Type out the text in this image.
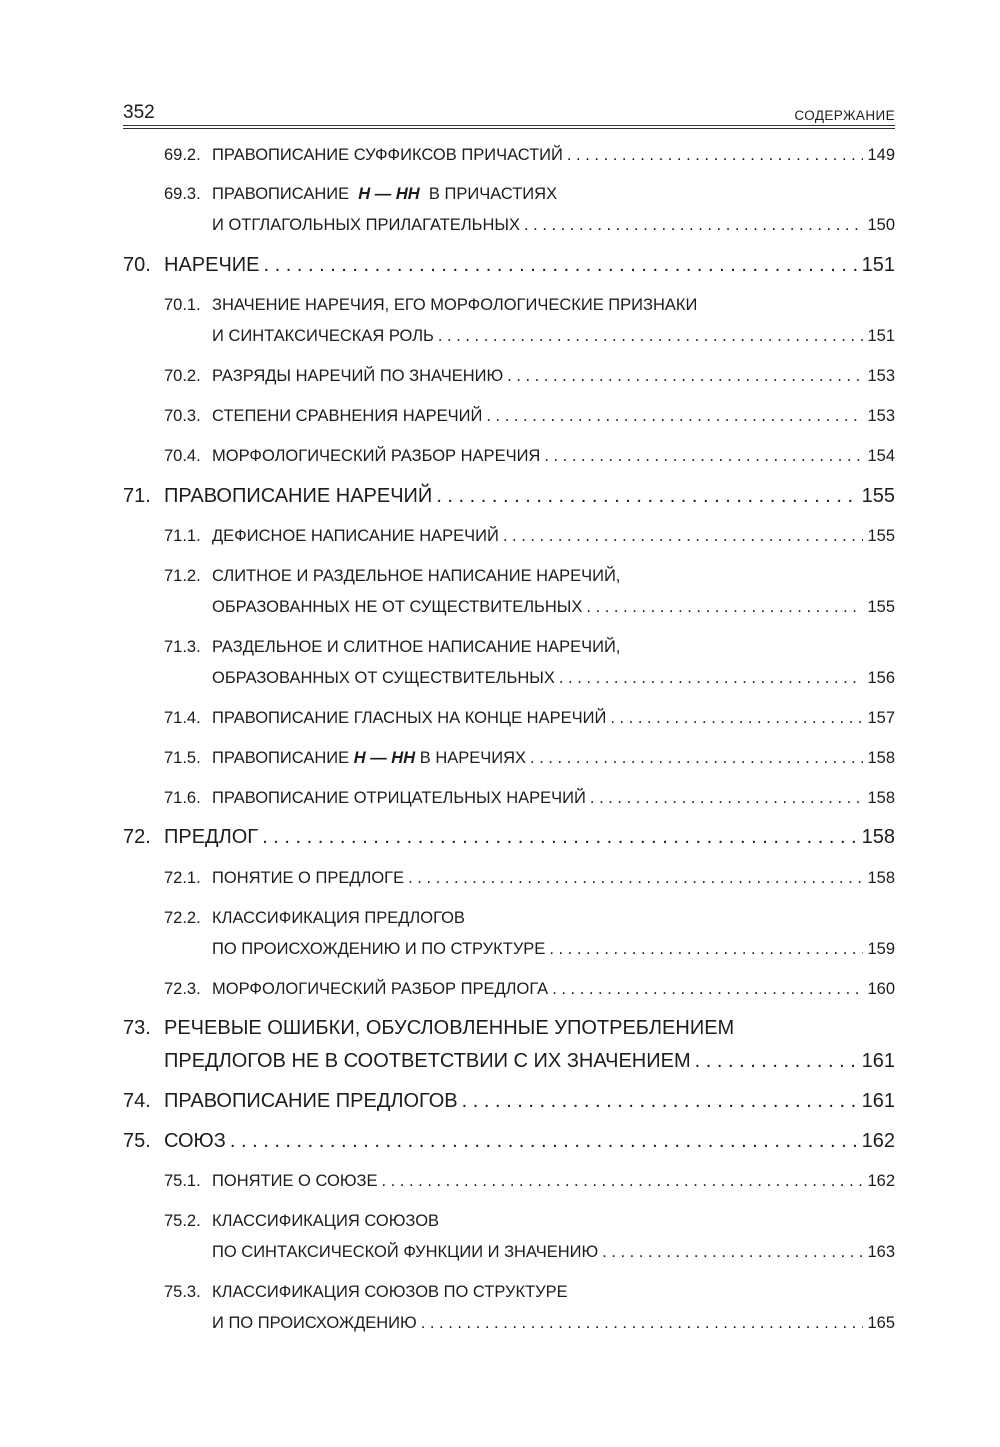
352	СОДЕРЖАНИЕ
69.2. ПРАВОПИСАНИЕ СУФФИКСОВ ПРИЧАСТИЙ . . .	149
69.3. ПРАВОПИСАНИЕ
Н — НН
В ПРИЧАСТИЯХ
И ОТГЛАГОЛЬНЫХ ПРИЛАГАТЕЛЬНЫХ . . .	150
70. НАРЕЧИЕ . . .	151
70.1. ЗНАЧЕНИЕ НАРЕЧИЯ, ЕГО МОРФОЛОГИЧЕСКИЕ ПРИЗНАКИ
И СИНТАКСИЧЕСКАЯ РОЛЬ . . .	151
70.2. РАЗРЯДЫ НАРЕЧИЙ ПО ЗНАЧЕНИЮ . . .	153
70.3. СТЕПЕНИ СРАВНЕНИЯ НАРЕЧИЙ . . .	153
70.4. МОРФОЛОГИЧЕСКИЙ РАЗБОР НАРЕЧИЯ . . .	154
71. ПРАВОПИСАНИЕ НАРЕЧИЙ . . .	155
71.1. ДЕФИСНОЕ НАПИСАНИЕ НАРЕЧИЙ . . .	155
71.2. СЛИТНОЕ И РАЗДЕЛЬНОЕ НАПИСАНИЕ НАРЕЧИЙ,
ОБРАЗОВАННЫХ НЕ ОТ СУЩЕСТВИТЕЛЬНЫХ . . .	155
71.3. РАЗДЕЛЬНОЕ И СЛИТНОЕ НАПИСАНИЕ НАРЕЧИЙ,
ОБРАЗОВАННЫХ ОТ СУЩЕСТВИТЕЛЬНЫХ . . .	156
71.4. ПРАВОПИСАНИЕ ГЛАСНЫХ НА КОНЦЕ НАРЕЧИЙ . . .	157
71.5. ПРАВОПИСАНИЕ
Н — НН
В НАРЕЧИЯХ . . .	158
71.6. ПРАВОПИСАНИЕ ОТРИЦАТЕЛЬНЫХ НАРЕЧИЙ . . .	158
72. ПРЕДЛОГ . . .	158
72.1. ПОНЯТИЕ О ПРЕДЛОГЕ . . .	158
72.2. КЛАССИФИКАЦИЯ ПРЕДЛОГОВ
ПО ПРОИСХОЖДЕНИЮ И ПО СТРУКТУРЕ . . .	159
72.3. МОРФОЛОГИЧЕСКИЙ РАЗБОР ПРЕДЛОГА . . .	160
73. РЕЧЕВЫЕ ОШИБКИ, ОБУСЛОВЛЕННЫЕ УПОТРЕБЛЕНИЕМ
ПРЕДЛОГОВ НЕ В СООТВЕТСТВИИ С ИХ ЗНАЧЕНИЕМ . . .	161
74. ПРАВОПИСАНИЕ ПРЕДЛОГОВ . . .	161
75. СОЮЗ . . .	162
75.1. ПОНЯТИЕ О СОЮЗЕ . . .	162
75.2. КЛАССИФИКАЦИЯ СОЮЗОВ
ПО СИНТАКСИЧЕСКОЙ ФУНКЦИИ И ЗНАЧЕНИЮ . . .	163
75.3. КЛАССИФИКАЦИЯ СОЮЗОВ ПО СТРУКТУРЕ
И ПО ПРОИСХОЖДЕНИЮ . . .	165
